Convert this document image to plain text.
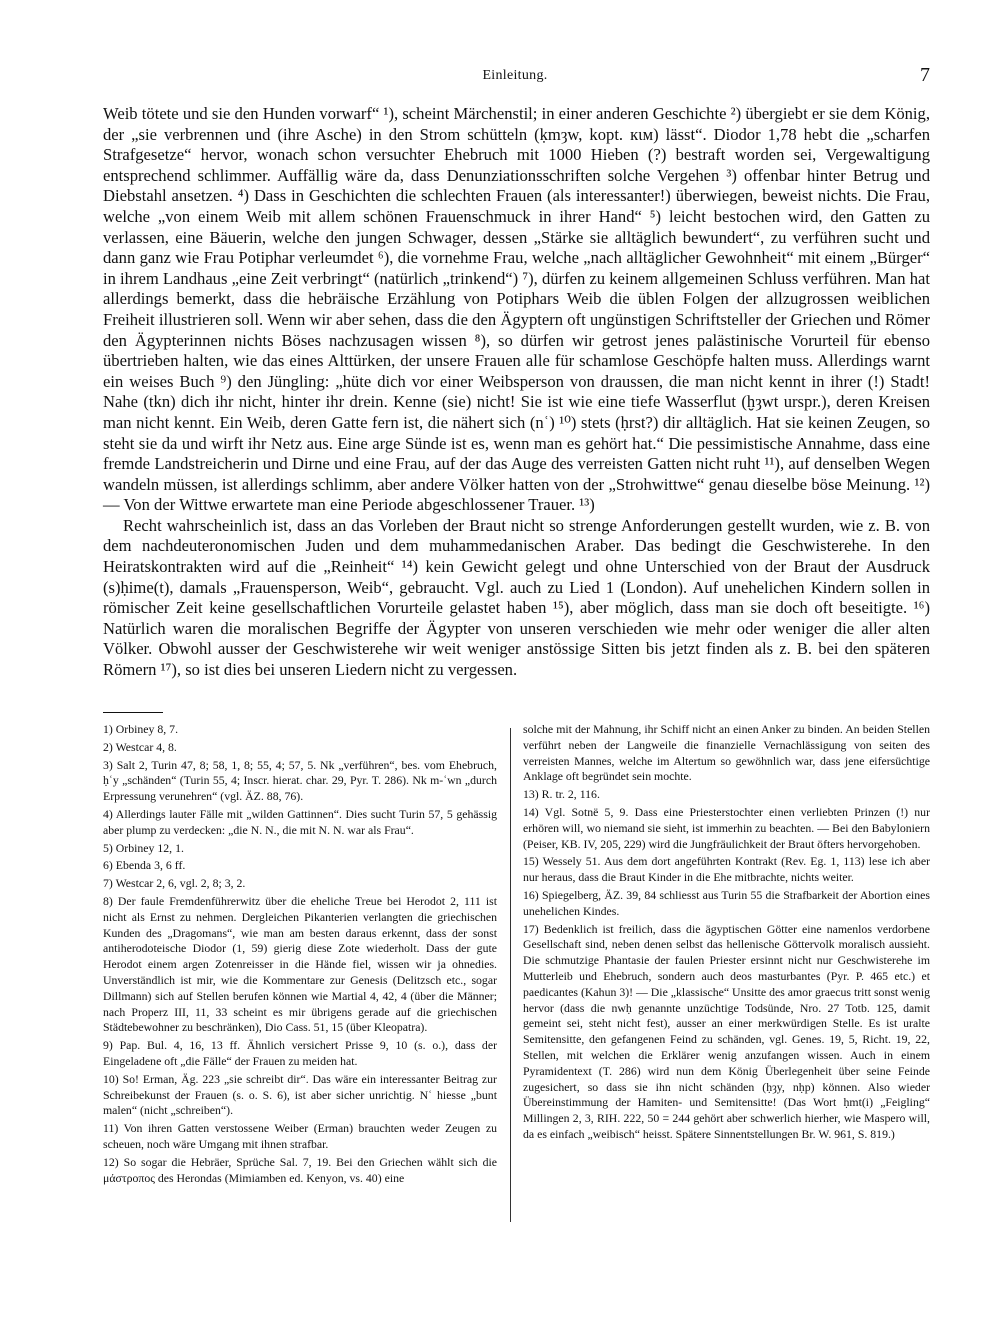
Einleitung.	7

Weib tötete und sie den Hunden vorwarf“ ¹), scheint Märchenstil; in einer anderen Geschichte ²) übergiebt er sie dem König, der „sie verbrennen und (ihre Asche) in den Strom schütteln (ḳmȝw, kopt. кιм) lässt“. Diodor 1,78 hebt die „scharfen Strafgesetze“ hervor, wonach schon versuchter Ehebruch mit 1000 Hieben (?) bestraft worden sei, Vergewaltigung entsprechend schlimmer. Auffällig wäre da, dass Denunziationsschriften solche Vergehen ³) offenbar hinter Betrug und Diebstahl ansetzen. ⁴) Dass in Geschichten die schlechten Frauen (als interessanter!) überwiegen, beweist nichts. Die Frau, welche „von einem Weib mit allem schönen Frauenschmuck in ihrer Hand“ ⁵) leicht bestochen wird, den Gatten zu verlassen, eine Bäuerin, welche den jungen Schwager, dessen „Stärke sie alltäglich bewundert“, zu verführen sucht und dann ganz wie Frau Potiphar verleumdet ⁶), die vornehme Frau, welche „nach alltäglicher Gewohnheit“ mit einem „Bürger“ in ihrem Landhaus „eine Zeit verbringt“ (natürlich „trinkend“) ⁷), dürfen zu keinem allgemeinen Schluss verführen. Man hat allerdings bemerkt, dass die hebräische Erzählung von Potiphars Weib die üblen Folgen der allzugrossen weiblichen Freiheit illustrieren soll. Wenn wir aber sehen, dass die den Ägyptern oft ungünstigen Schriftsteller der Griechen und Römer den Ägypterinnen nichts Böses nachzusagen wissen ⁸), so dürfen wir getrost jenes palästinische Vorurteil für ebenso übertrieben halten, wie das eines Alttürken, der unsere Frauen alle für schamlose Geschöpfe halten muss. Allerdings warnt ein weises Buch ⁹) den Jüngling: „hüte dich vor einer Weibsperson von draussen, die man nicht kennt in ihrer (!) Stadt! Nahe (tkn) dich ihr nicht, hinter ihr drein. Kenne (sie) nicht! Sie ist wie eine tiefe Wasserflut (ḫȝwt urspr.), deren Kreisen man nicht kennt. Ein Weib, deren Gatte fern ist, die nähert sich (nʿ) ¹⁰) stets (ḥrst?) dir alltäglich. Hat sie keinen Zeugen, so steht sie da und wirft ihr Netz aus. Eine arge Sünde ist es, wenn man es gehört hat.“ Die pessimistische Annahme, dass eine fremde Landstreicherin und Dirne und eine Frau, auf der das Auge des verreisten Gatten nicht ruht ¹¹), auf denselben Wegen wandeln müssen, ist allerdings schlimm, aber andere Völker hatten von der „Strohwittwe“ genau dieselbe böse Meinung. ¹²) — Von der Wittwe erwartete man eine Periode abgeschlossener Trauer. ¹³)

Recht wahrscheinlich ist, dass an das Vorleben der Braut nicht so strenge Anforderungen gestellt wurden, wie z. B. von dem nachdeuteronomischen Juden und dem muhammedanischen Araber. Das bedingt die Geschwisterehe. In den Heiratskontrakten wird auf die „Reinheit“ ¹⁴) kein Gewicht gelegt und ohne Unterschied von der Braut der Ausdruck (s)ḥime(t), damals „Frauensperson, Weib“, gebraucht. Vgl. auch zu Lied 1 (London). Auf unehelichen Kindern sollen in römischer Zeit keine gesellschaftlichen Vorurteile gelastet haben ¹⁵), aber möglich, dass man sie doch oft beseitigte. ¹⁶) Natürlich waren die moralischen Begriffe der Ägypter von unseren verschieden wie mehr oder weniger die aller alten Völker. Obwohl ausser der Geschwisterehe wir weit weniger anstössige Sitten bis jetzt finden als z. B. bei den späteren Römern ¹⁷), so ist dies bei unseren Liedern nicht zu vergessen.

1) Orbiney 8, 7.

2) Westcar 4, 8.

3) Salt 2, Turin 47, 8; 58, 1, 8; 55, 4; 57, 5. Nk „verführen“, bes. vom Ehebruch, ḥʿy „schänden“ (Turin 55, 4; Inscr. hierat. char. 29, Pyr. T. 286). Nk m-ʿwn „durch Erpressung verunehren“ (vgl. ÄZ. 88, 76).

4) Allerdings lauter Fälle mit „wilden Gattinnen“. Dies sucht Turin 57, 5 gehässig aber plump zu verdecken: „die N. N., die mit N. N. war als Frau“.

5) Orbiney 12, 1.

6) Ebenda 3, 6 ff.

7) Westcar 2, 6, vgl. 2, 8; 3, 2.

8) Der faule Fremdenführerwitz über die eheliche Treue bei Herodot 2, 111 ist nicht als Ernst zu nehmen. Dergleichen Pikanterien verlangten die griechischen Kunden des „Dragomans“, wie man am besten daraus erkennt, dass der sonst antiherodoteische Diodor (1, 59) gierig diese Zote wiederholt. Dass der gute Herodot einem argen Zotenreisser in die Hände fiel, wissen wir ja ohnedies. Unverständlich ist mir, wie die Kommentare zur Genesis (Delitzsch etc., sogar Dillmann) sich auf Stellen berufen können wie Martial 4, 42, 4 (über die Männer; nach Properz III, 11, 33 scheint es mir übrigens gerade auf die griechischen Städtebewohner zu beschränken), Dio Cass. 51, 15 (über Kleopatra).

9) Pap. Bul. 4, 16, 13 ff. Ähnlich versichert Prisse 9, 10 (s. o.), dass der Eingeladene oft „die Fälle“ der Frauen zu meiden hat.

10) So! Erman, Äg. 223 „sie schreibt dir“. Das wäre ein interessanter Beitrag zur Schreibekunst der Frauen (s. o. S. 6), ist aber sicher unrichtig. Nʿ hiesse „bunt malen“ (nicht „schreiben“).

11) Von ihren Gatten verstossene Weiber (Erman) brauchten weder Zeugen zu scheuen, noch wäre Umgang mit ihnen strafbar.

12) So sogar die Hebräer, Sprüche Sal. 7, 19. Bei den Griechen wählt sich die μάστροπος des Herondas (Mimiamben ed. Kenyon, vs. 40) eine

solche mit der Mahnung, ihr Schiff nicht an einen Anker zu binden. An beiden Stellen verführt neben der Langweile die finanzielle Vernachlässigung von seiten des verreisten Mannes, welche im Altertum so gewöhnlich war, dass jene eifersüchtige Anklage oft begründet sein mochte.

13) R. tr. 2, 116.

14) Vgl. Sotnë 5, 9. Dass eine Priesterstochter einen verliebten Prinzen (!) nur erhören will, wo niemand sie sieht, ist immerhin zu beachten. — Bei den Babyloniern (Peiser, KB. IV, 205, 229) wird die Jungfräulichkeit der Braut öfters hervorgehoben.

15) Wessely 51. Aus dem dort angeführten Kontrakt (Rev. Eg. 1, 113) lese ich aber nur heraus, dass die Braut Kinder in die Ehe mitbrachte, nichts weiter.

16) Spiegelberg, ÄZ. 39, 84 schliesst aus Turin 55 die Strafbarkeit der Abortion eines unehelichen Kindes.

17) Bedenklich ist freilich, dass die ägyptischen Götter eine namenlos verdorbene Gesellschaft sind, neben denen selbst das hellenische Göttervolk moralisch aussieht. Die schmutzige Phantasie der faulen Priester ersinnt nicht nur Geschwisterehe im Mutterleib und Ehebruch, sondern auch deos masturbantes (Pyr. P. 465 etc.) et paedicantes (Kahun 3)! — Die „klassische“ Unsitte des amor graecus tritt sonst wenig hervor (dass die nwḥ genannte unzüchtige Todsünde, Nro. 27 Totb. 125, damit gemeint sei, steht nicht fest), ausser an einer merkwürdigen Stelle. Es ist uralte Semitensitte, den gefangenen Feind zu schänden, vgl. Genes. 19, 5, Richt. 19, 22, Stellen, mit welchen die Erklärer wenig anzufangen wissen. Auch in einem Pyramidentext (T. 286) wird nun dem König Überlegenheit über seine Feinde zugesichert, so dass sie ihn nicht schänden (ḥȝy, nḥp) können. Also wieder Übereinstimmung der Hamiten- und Semitensitte! (Das Wort ḥmt(i) „Feigling“ Millingen 2, 3, RIH. 222, 50 = 244 gehört aber schwerlich hierher, wie Maspero will, da es einfach „weibisch“ heisst. Spätere Sinnentstellungen Br. W. 961, S. 819.)
